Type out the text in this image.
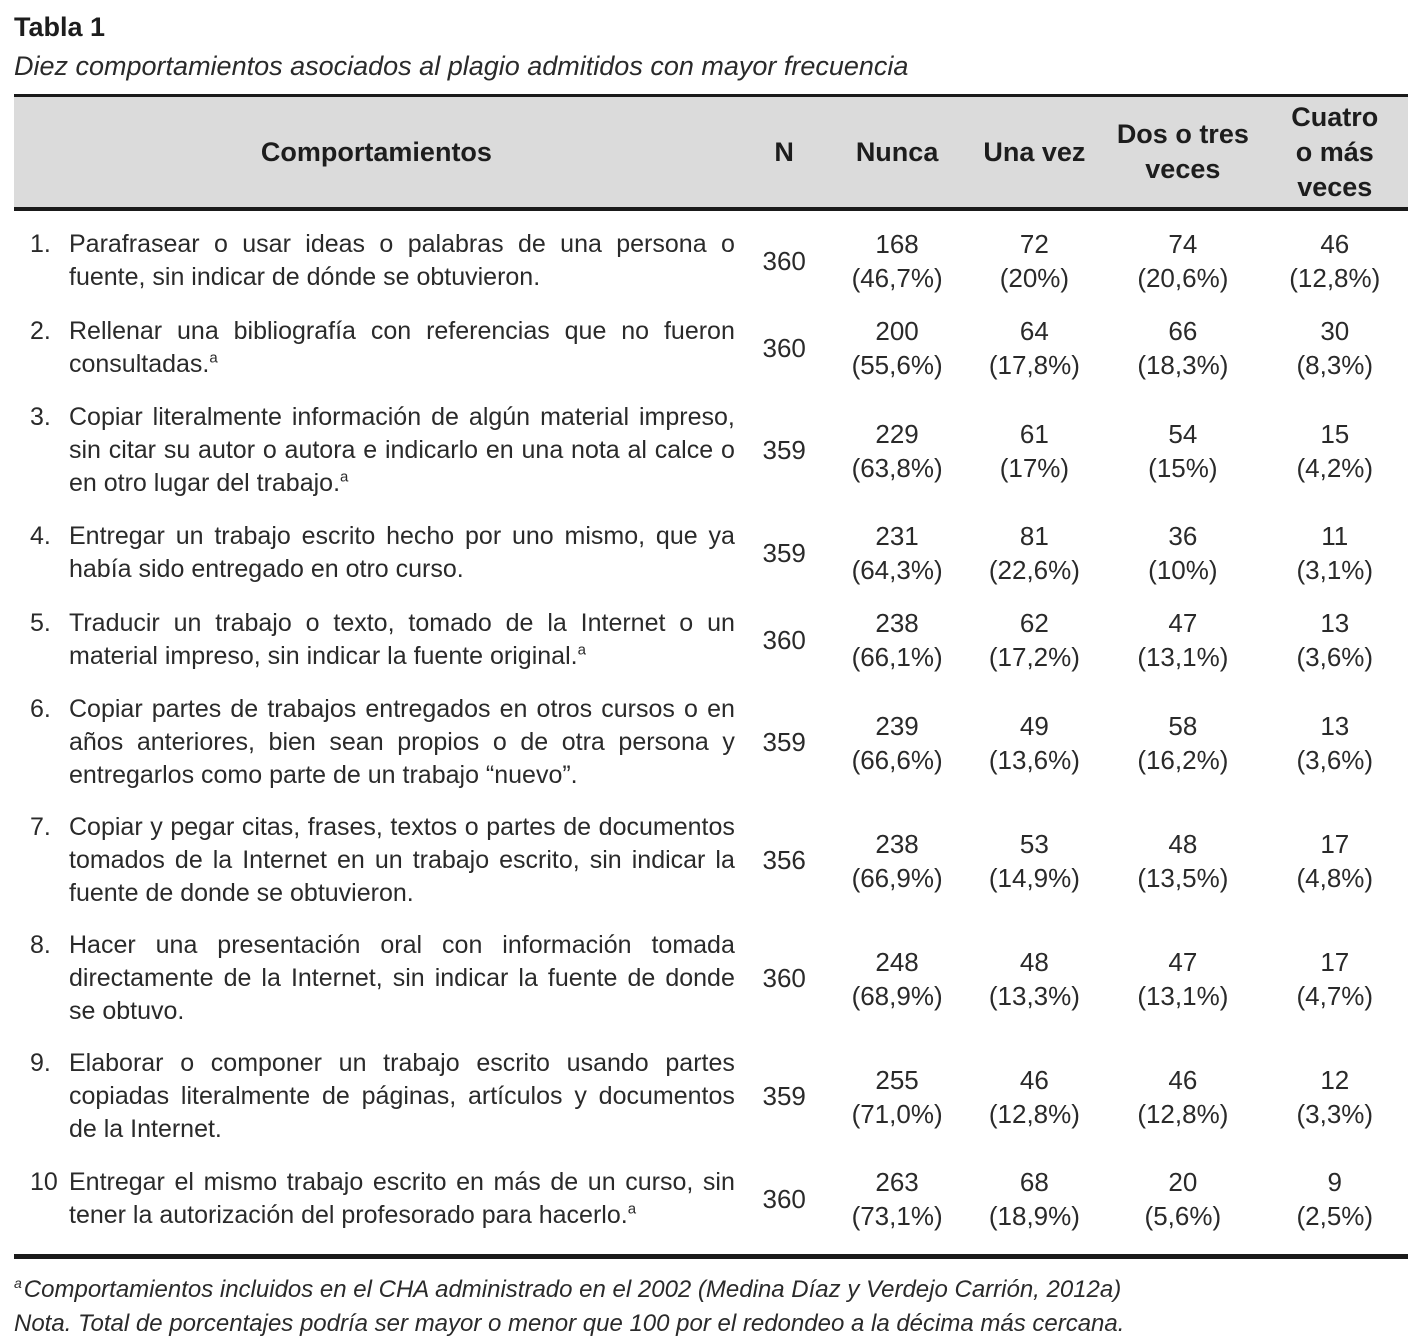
Tabla 1
Diez comportamientos asociados al plagio admitidos con mayor frecuencia
Comportamientos	N	Nunca	Una vez
Dos o tres veces
Cuatro o más veces
1. Parafrasear o usar ideas o palabras de una persona o fuente, sin indicar de dónde se obtuvieron.
360
168
(46,7%)
72
(20%)
74
(20,6%)
46
(12,8%)
2. Rellenar una bibliografía con referencias que no fueron consultadas.$^a$	360
200
(55,6%)
64
(17,8%)
66
(18,3%)
30
(8,3%)
3. Copiar literalmente información de algún material impreso, sin citar su autor o autora e indicarlo en una nota al calce o en otro lugar del trabajo.$^a$
359
229
(63,8%)
61
(17%)
54
(15%)
15
(4,2%)
4. Entregar un trabajo escrito hecho por uno mismo, que ya había sido entregado en otro curso.
359
231
(64,3%)
81
(22,6%)
36
(10%)
11
(3,1%)
5. Traducir un trabajo o texto, tomado de la Internet o un material impreso, sin indicar la fuente original.$^a$	360
238
(66,1%)
62
(17,2%)
47
(13,1%)
13
(3,6%)
6. Copiar partes de trabajos entregados en otros cursos o en años anteriores, bien sean propios o de otra persona y entregarlos como parte de un trabajo “nuevo”.
359
239
(66,6%)
49
(13,6%)
58
(16,2%)
13
(3,6%)
7. Copiar y pegar citas, frases, textos o partes de documentos tomados de la Internet en un trabajo escrito, sin indicar la fuente de donde se obtuvieron.
356
238
(66,9%)
53
(14,9%)
48
(13,5%)
17
(4,8%)
8. Hacer una presentación oral con información tomada directamente de la Internet, sin indicar la fuente de donde se obtuvo.
360
248
(68,9%)
48
(13,3%)
47
(13,1%)
17
(4,7%)
9. Elaborar o componer un trabajo escrito usando partes copiadas literalmente de páginas, artículos y documentos de la Internet.
359
255
(71,0%)
46
(12,8%)
46
(12,8%)
12
(3,3%)
10 Entregar el mismo trabajo escrito en más de un curso, sin tener la autorización del profesorado para hacerlo.$^a$	360
263
(73,1%)
68
(18,9%)
20
(5,6%)
9
(2,5%)
$^a$Comportamientos incluidos en el CHA administrado en el 2002 (Medina Díaz y Verdejo Carrión, 2012a)
Nota. Total de porcentajes podría ser mayor o menor que 100 por el redondeo a la décima más cercana.
